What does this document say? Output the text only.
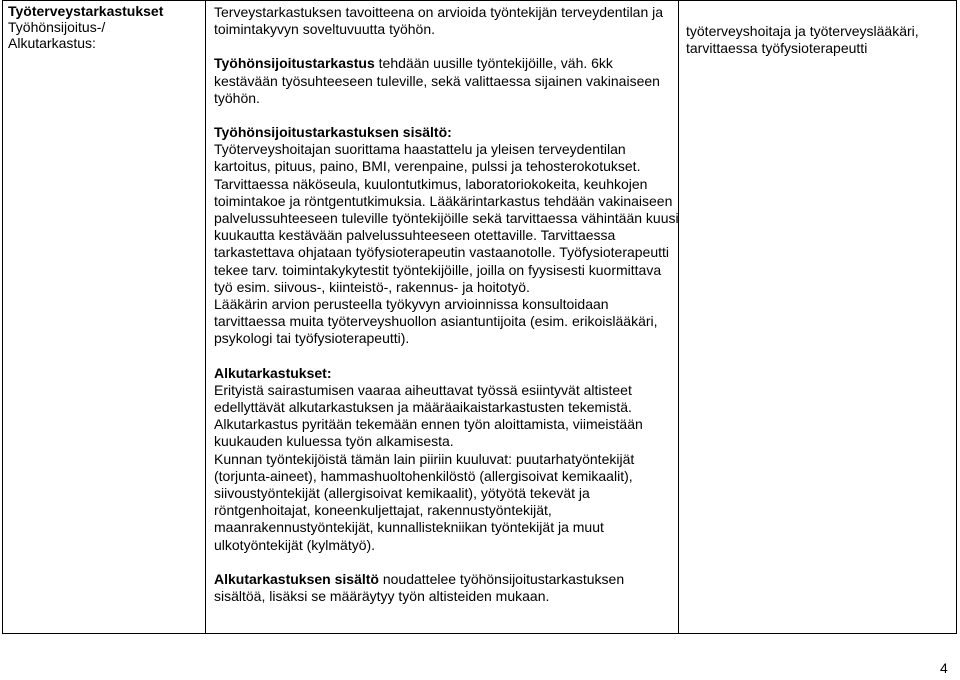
Työterveystarkastukset
Työhönsijoitus-/
Alkutarkastus:

Terveystarkastuksen tavoitteena on arvioida työntekijän terveydentilan ja toimintakyvyn soveltuvuutta työhön.

Työhönsijoitustarkastus tehdään uusille työntekijöille, väh. 6kk kestävään työsuhteeseen tuleville, sekä valittaessa sijainen vakinaiseen työhön.

Työhönsijoitustarkastuksen sisältö:

Työterveyshoitajan suorittama haastattelu ja yleisen terveydentilan kartoitus, pituus, paino, BMI, verenpaine, pulssi ja tehosterokotukset. Tarvittaessa näköseula, kuulontutkimus, laboratoriokokeita, keuhkojen toimintakoe ja röntgentutkimuksia. Lääkärintarkastus tehdään vakinaiseen palvelussuhteeseen tuleville työntekijöille sekä tarvittaessa vähintään kuusi kuukautta kestävään palvelussuhteeseen otettaville. Tarvittaessa tarkastettava ohjataan työfysioterapeutin vastaanotolle. Työfysioterapeutti tekee tarv. toimintakykytestit työntekijöille, joilla on fyysisesti kuormittava työ esim. siivous-, kiinteistö-, rakennus- ja hoitotyö.

Lääkärin arvion perusteella työkyvyn arvioinnissa konsultoidaan tarvittaessa muita työterveyshuollon asiantuntijoita (esim. erikoislääkäri, psykologi tai työfysioterapeutti).

Alkutarkastukset:

Erityistä sairastumisen vaaraa aiheuttavat työssä esiintyvät altisteet edellyttävät alkutarkastuksen ja määräaikaistarkastusten tekemistä. Alkutarkastus pyritään tekemään ennen työn aloittamista, viimeistään kuukauden kuluessa työn alkamisesta.

Kunnan työntekijöistä tämän lain piiriin kuuluvat: puutarhatyöntekijät (torjunta-aineet), hammashuoltohenkilöstö (allergisoivat kemikaalit), siivoustyöntekijät (allergisoivat kemikaalit), yötyötä tekevät ja röntgenhoitajat, koneenkuljettajat, rakennustyöntekijät, maanrakennustyöntekijät, kunnallistekniikan työntekijät ja muut ulkotyöntekijät (kylmätyö).

Alkutarkastuksen sisältö noudattelee työhönsijoitustarkastuksen sisältöä, lisäksi se määräytyy työn altisteiden mukaan.

työterveyshoitaja ja työterveyslääkäri, tarvittaessa työfysioterapeutti

4
